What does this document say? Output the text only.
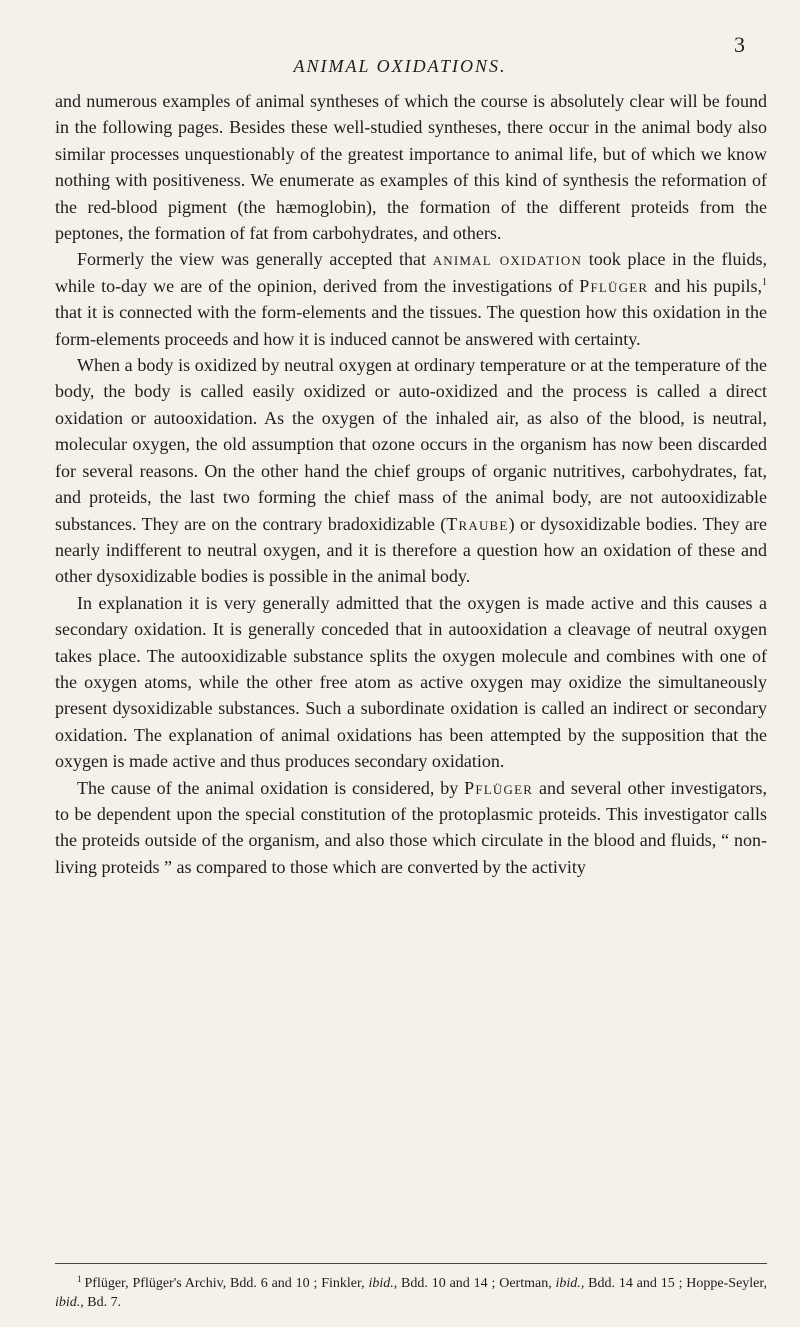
ANIMAL OXIDATIONS.
3

and numerous examples of animal syntheses of which the course is absolutely clear will be found in the following pages. Besides these well-studied syntheses, there occur in the animal body also similar processes unquestionably of the greatest importance to animal life, but of which we know nothing with positiveness. We enumerate as examples of this kind of synthesis the reformation of the red-blood pigment (the hæmoglobin), the formation of the different proteids from the peptones, the formation of fat from carbohydrates, and others.

Formerly the view was generally accepted that animal oxidation took place in the fluids, while to-day we are of the opinion, derived from the investigations of Pflüger and his pupils,$^1$ that it is connected with the form-elements and the tissues. The question how this oxidation in the form-elements proceeds and how it is induced cannot be answered with certainty.

When a body is oxidized by neutral oxygen at ordinary temperature or at the temperature of the body, the body is called easily oxidized or auto-oxidized and the process is called a direct oxidation or autooxidation. As the oxygen of the inhaled air, as also of the blood, is neutral, molecular oxygen, the old assumption that ozone occurs in the organism has now been discarded for several reasons. On the other hand the chief groups of organic nutritives, carbohydrates, fat, and proteids, the last two forming the chief mass of the animal body, are not autooxidizable substances. They are on the contrary bradoxidizable (Traube) or dysoxidizable bodies. They are nearly indifferent to neutral oxygen, and it is therefore a question how an oxidation of these and other dysoxidizable bodies is possible in the animal body.

In explanation it is very generally admitted that the oxygen is made active and this causes a secondary oxidation. It is generally conceded that in autooxidation a cleavage of neutral oxygen takes place. The autooxidizable substance splits the oxygen molecule and combines with one of the oxygen atoms, while the other free atom as active oxygen may oxidize the simultaneously present dysoxidizable substances. Such a subordinate oxidation is called an indirect or secondary oxidation. The explanation of animal oxidations has been attempted by the supposition that the oxygen is made active and thus produces secondary oxidation.

The cause of the animal oxidation is considered, by Pflüger and several other investigators, to be dependent upon the special constitution of the protoplasmic proteids. This investigator calls the proteids outside of the organism, and also those which circulate in the blood and fluids, “ non-living proteids ” as compared to those which are converted by the activity

$^1$ Pflüger, Pflüger's Archiv, Bdd. 6 and 10 ; Finkler, ibid., Bdd. 10 and 14 ; Oertman, ibid., Bdd. 14 and 15 ; Hoppe-Seyler, ibid., Bd. 7.
